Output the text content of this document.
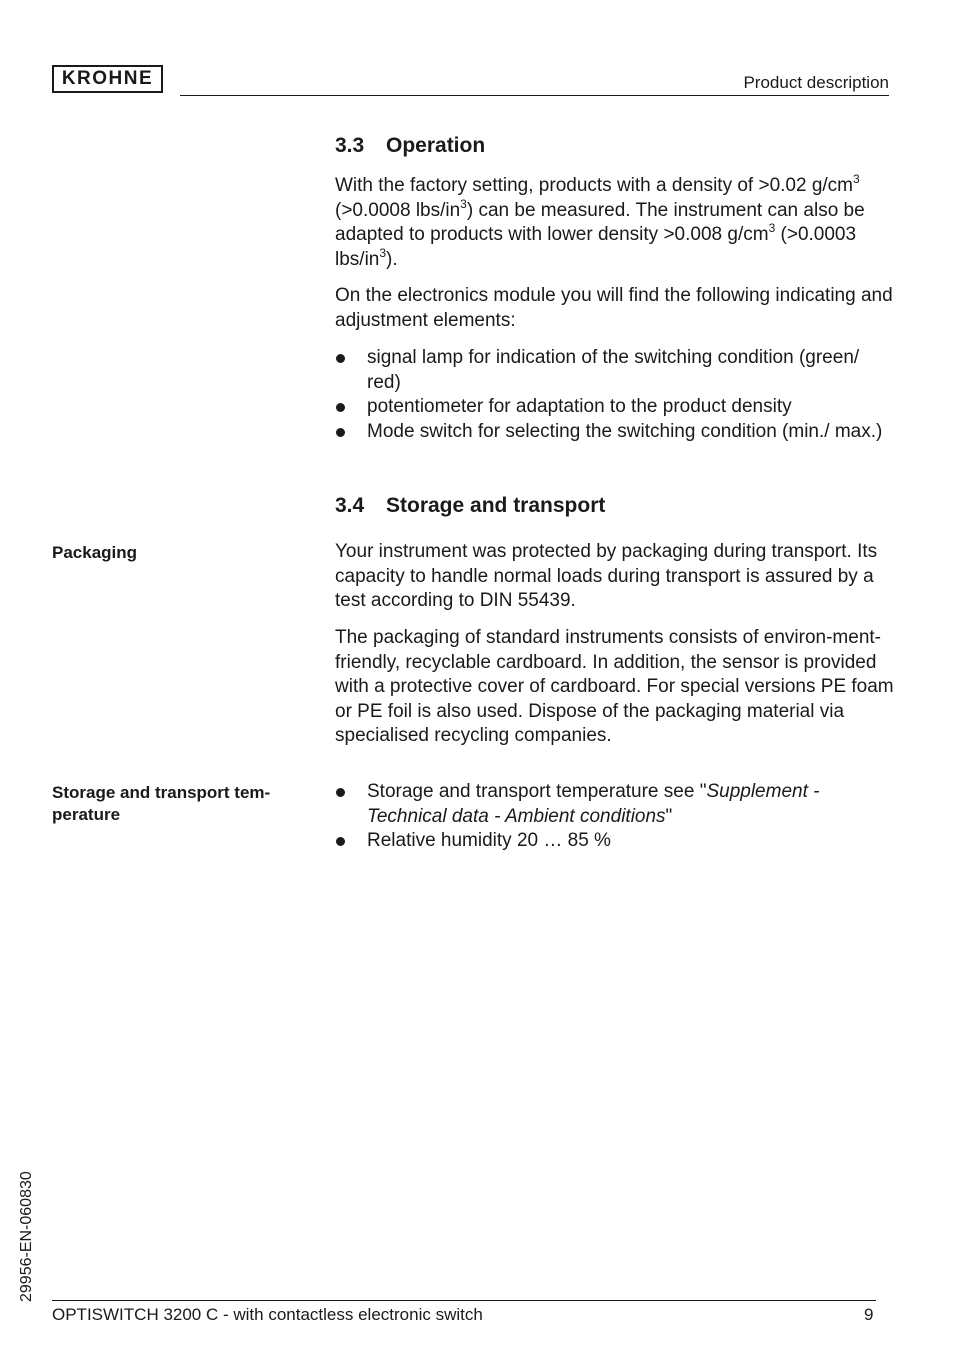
KROHNE	Product description
3.3 Operation

With the factory setting, products with a density of >0.02 $g/cm^3$ (>0.0008 lbs/$in^3$) can be measured. The instrument can also be adapted to products with lower density >0.008 $g/cm^3$ (>0.0003 lbs/$in^3$).

On the electronics module you will find the following indicating and adjustment elements:

signal lamp for indication of the switching condition (green/ red)
potentiometer for adaptation to the product density
Mode switch for selecting the switching condition (min./ max.)
3.4 Storage and transport
Packaging	Your instrument was protected by packaging during transport. Its capacity to handle normal loads during transport is assured by a test according to DIN 55439.

The packaging of standard instruments consists of environ-ment-friendly, recyclable cardboard. In addition, the sensor is provided with a protective cover of cardboard. For special versions PE foam or PE foil is also used. Dispose of the packaging material via specialised recycling companies.

Storage and transport tem-perature
Storage and transport temperature see "Supplement - Technical data - Ambient conditions"
Relative humidity 20 … 85 %
29956-EN-060830
OPTISWITCH 3200 C - with contactless electronic switch	9
